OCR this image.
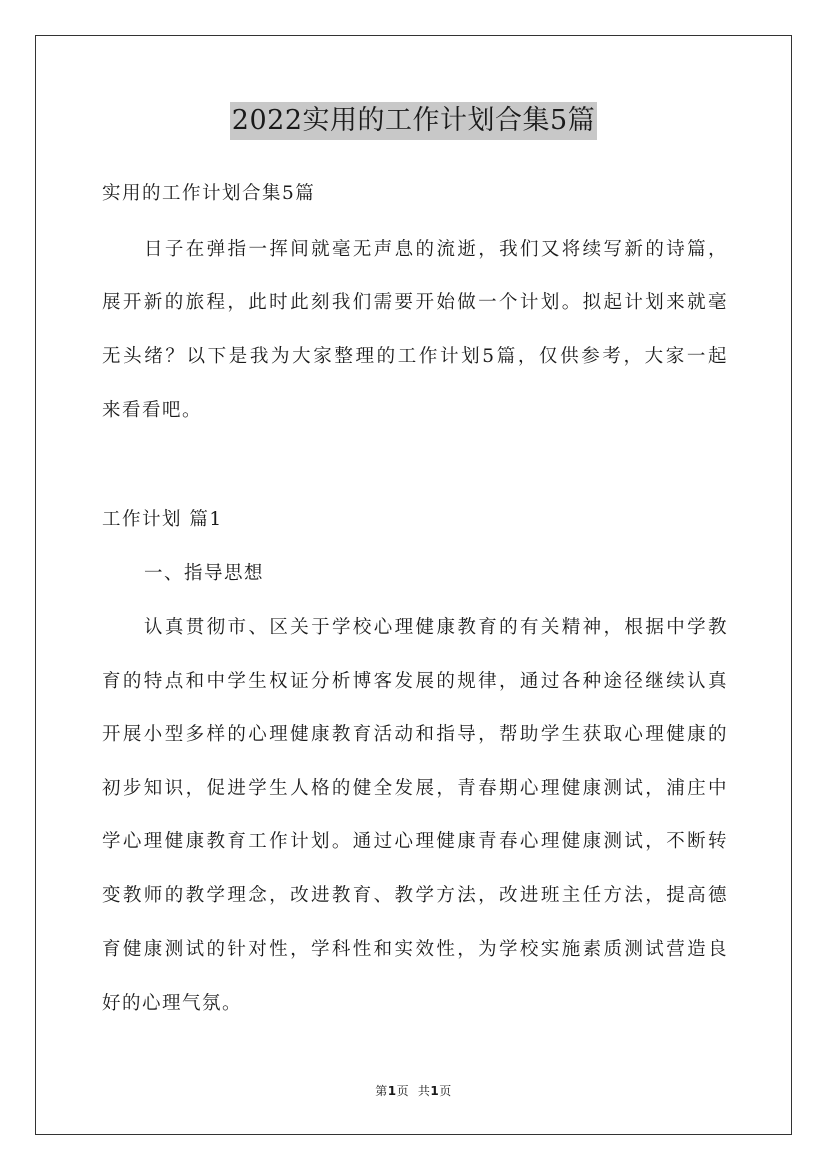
2022实用的工作计划合集5篇
实用的工作计划合集5篇
日子在弹指一挥间就毫无声息的流逝，我们又将续写新的诗篇，
展开新的旅程，此时此刻我们需要开始做一个计划。拟起计划来就毫
无头绪？以下是我为大家整理的工作计划5篇，仅供参考，大家一起
来看看吧。
工作计划 篇1
一、指导思想
认真贯彻市、区关于学校心理健康教育的有关精神，根据中学教
育的特点和中学生权证分析博客发展的规律，通过各种途径继续认真
开展小型多样的心理健康教育活动和指导，帮助学生获取心理健康的
初步知识，促进学生人格的健全发展，青春期心理健康测试，浦庄中
学心理健康教育工作计划。通过心理健康青春心理健康测试，不断转
变教师的教学理念，改进教育、教学方法，改进班主任方法，提高德
育健康测试的针对性，学科性和实效性，为学校实施素质测试营造良
好的心理气氛。
第1页 共1页
